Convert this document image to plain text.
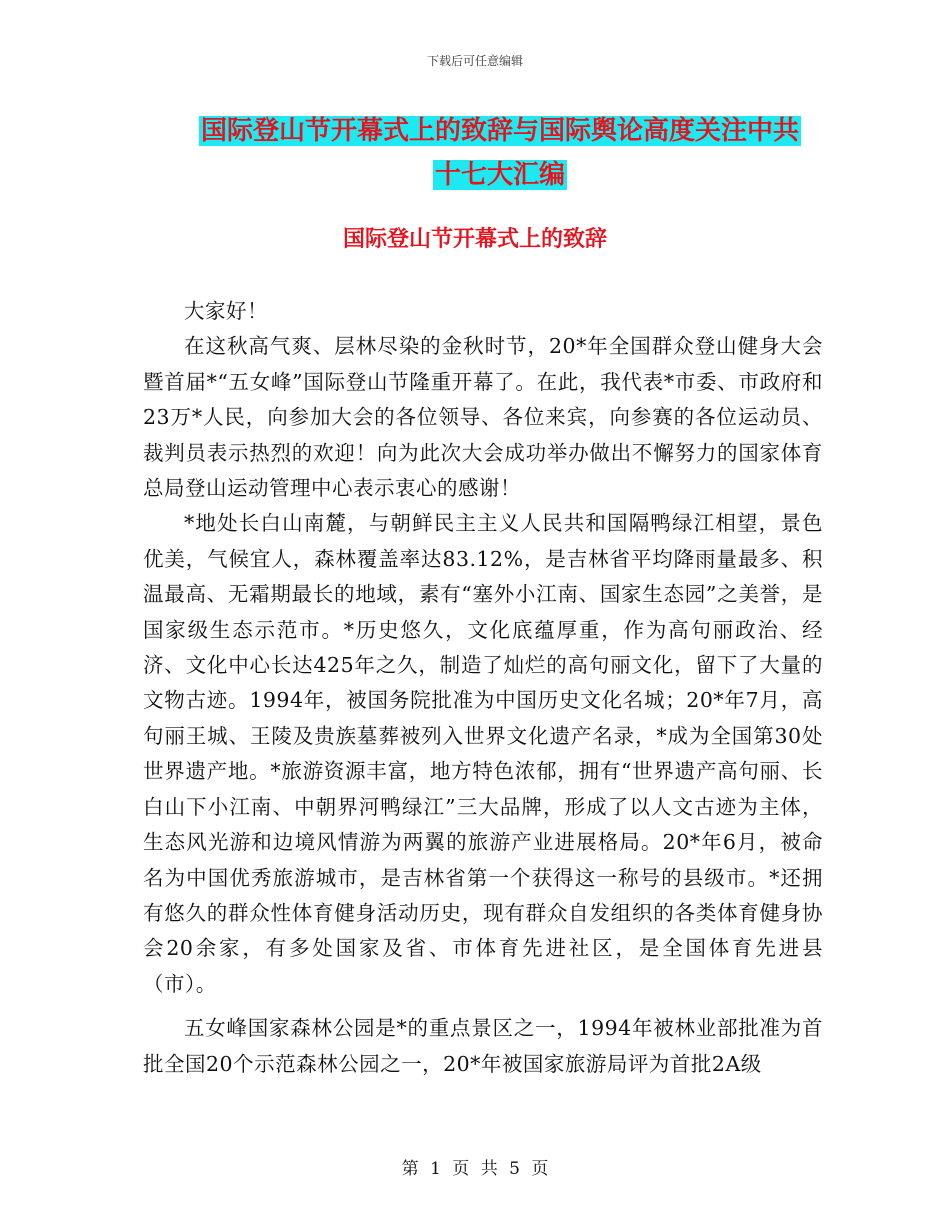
下载后可任意编辑
国际登山节开幕式上的致辞与国际舆论高度关注中共
十七大汇编
国际登山节开幕式上的致辞

大家好！

在这秋高气爽、层林尽染的金秋时节，20*年全国群众登山健身大会暨首届*“五女峰”国际登山节隆重开幕了。在此，我代表*市委、市政府和23万*人民，向参加大会的各位领导、各位来宾，向参赛的各位运动员、裁判员表示热烈的欢迎！向为此次大会成功举办做出不懈努力的国家体育总局登山运动管理中心表示衷心的感谢！

*地处长白山南麓，与朝鲜民主主义人民共和国隔鸭绿江相望，景色优美，气候宜人，森林覆盖率达83.12%，是吉林省平均降雨量最多、积温最高、无霜期最长的地域，素有“塞外小江南、国家生态园”之美誉，是国家级生态示范市。*历史悠久，文化底蕴厚重，作为高句丽政治、经济、文化中心长达425年之久，制造了灿烂的高句丽文化，留下了大量的文物古迹。1994年，被国务院批准为中国历史文化名城；20*年7月，高句丽王城、王陵及贵族墓葬被列入世界文化遗产名录，*成为全国第30处世界遗产地。*旅游资源丰富，地方特色浓郁，拥有“世界遗产高句丽、长白山下小江南、中朝界河鸭绿江”三大品牌，形成了以人文古迹为主体，生态风光游和边境风情游为两翼的旅游产业进展格局。20*年6月，被命名为中国优秀旅游城市，是吉林省第一个获得这一称号的县级市。*还拥有悠久的群众性体育健身活动历史，现有群众自发组织的各类体育健身协会20余家，有多处国家及省、市体育先进社区，是全国体育先进县（市）。

五女峰国家森林公园是*的重点景区之一，1994年被林业部批准为首批全国20个示范森林公园之一，20*年被国家旅游局评为首批2A级

第 1 页 共 5 页
